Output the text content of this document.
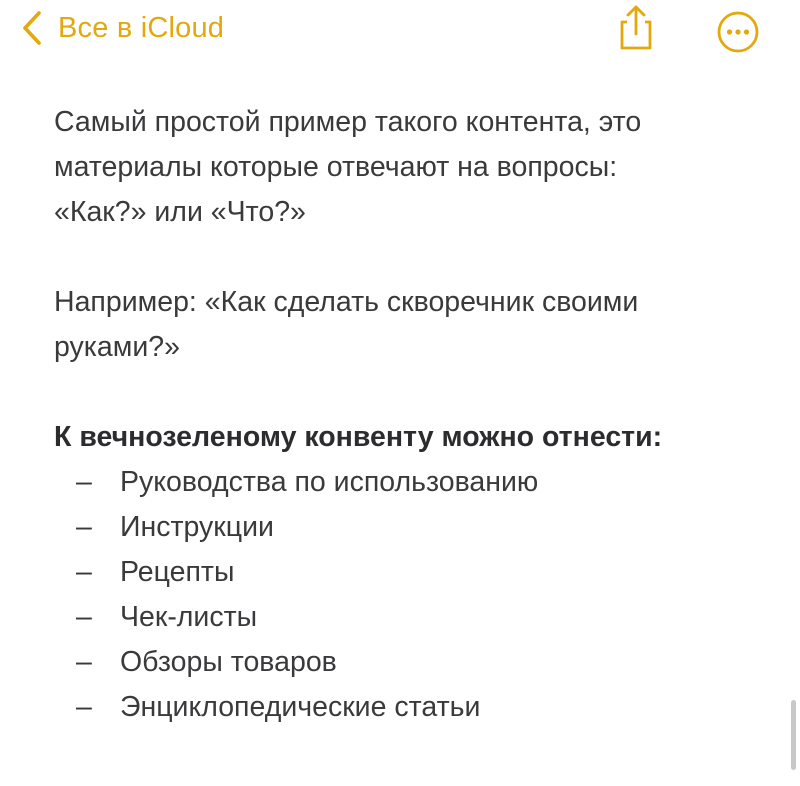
Все в iCloud

Самый простой пример такого контента, это

материалы которые отвечают на вопросы:

«Как?» или «Что?»

Например: «Как сделать скворечник своими

руками?»

К вечнозеленому конвенту можно отнести:

– Руководства по использованию
– Инструкции
– Рецепты
– Чек-листы
– Обзоры товаров
– Энциклопедические статьи
